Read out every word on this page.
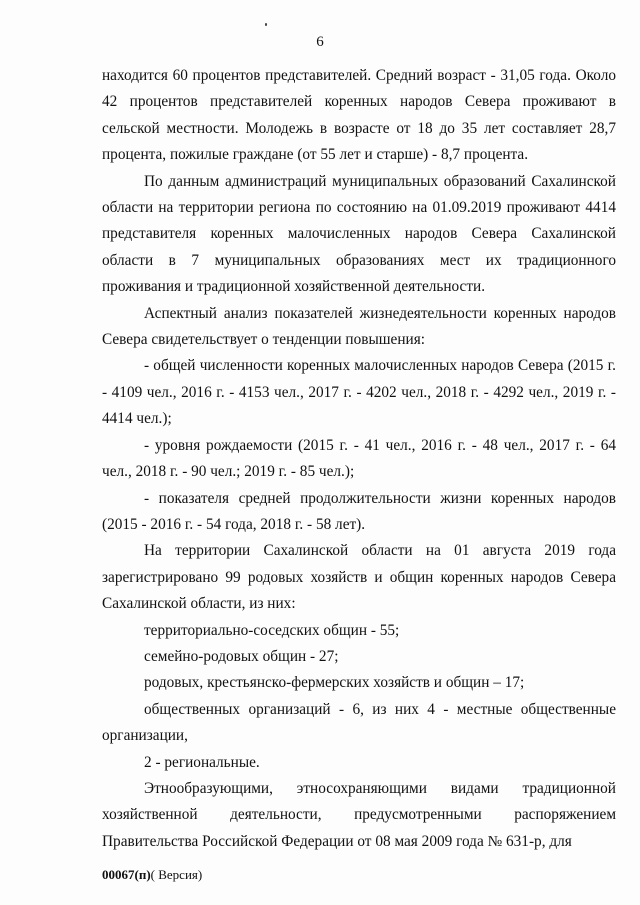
6

находится 60 процентов представителей. Средний возраст - 31,05 года. Около 42 процентов представителей коренных народов Севера проживают в сельской местности. Молодежь в возрасте от 18 до 35 лет составляет 28,7 процента, пожилые граждане (от 55 лет и старше) - 8,7 процента.

По данным администраций муниципальных образований Сахалинской области на территории региона по состоянию на 01.09.2019 проживают 4414 представителя коренных малочисленных народов Севера Сахалинской области в 7 муниципальных образованиях мест их традиционного проживания и традиционной хозяйственной деятельности.

Аспектный анализ показателей жизнедеятельности коренных народов Севера свидетельствует о тенденции повышения:

- общей численности коренных малочисленных народов Севера (2015 г. - 4109 чел., 2016 г. - 4153 чел., 2017 г. - 4202 чел., 2018 г. - 4292 чел., 2019 г. - 4414 чел.);

- уровня рождаемости (2015 г. - 41 чел., 2016 г. - 48 чел., 2017 г. - 64 чел., 2018 г. - 90 чел.; 2019 г. - 85 чел.);

- показателя средней продолжительности жизни коренных народов (2015 - 2016 г. - 54 года, 2018 г. - 58 лет).

На территории Сахалинской области на 01 августа 2019 года зарегистрировано 99 родовых хозяйств и общин коренных народов Севера Сахалинской области, из них:

территориально-соседских общин - 55;

семейно-родовых общин - 27;

родовых, крестьянско-фермерских хозяйств и общин – 17;

общественных организаций - 6, из них 4 - местные общественные организации,

2 - региональные.

Этнообразующими, этносохраняющими видами традиционной хозяйственной деятельности, предусмотренными распоряжением Правительства Российской Федерации от 08 мая 2009 года № 631-р, для

00067(п)( Версия)
